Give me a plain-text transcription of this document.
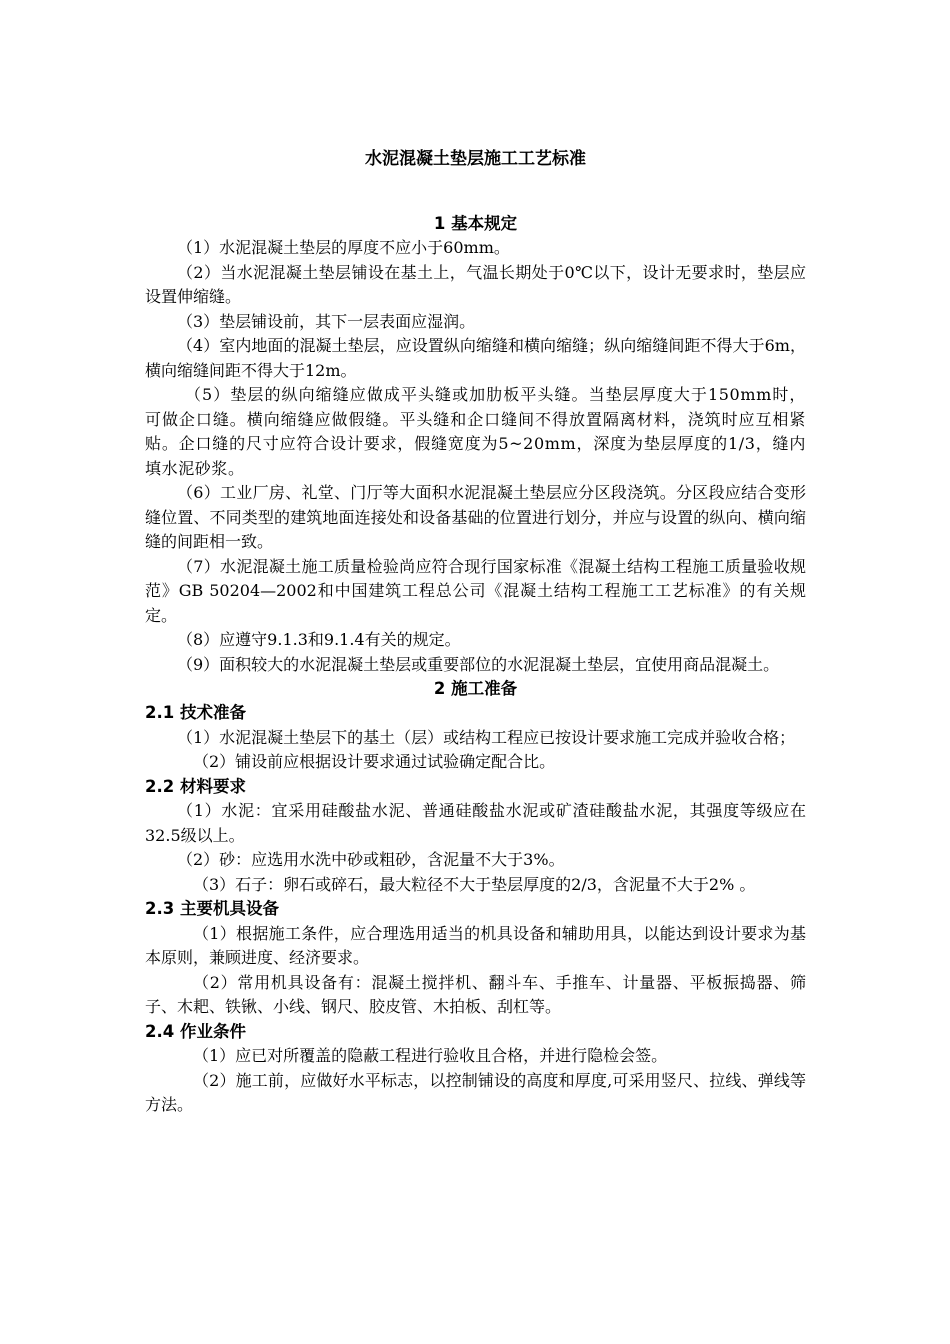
水泥混凝土垫层施工工艺标准

1 基本规定

（1）水泥混凝土垫层的厚度不应小于60mm。

（2）当水泥混凝土垫层铺设在基土上，气温长期处于0℃以下，设计无要求时，垫层应设置伸缩缝。

（3）垫层铺设前，其下一层表面应湿润。

（4）室内地面的混凝土垫层，应设置纵向缩缝和横向缩缝；纵向缩缝间距不得大于6m，横向缩缝间距不得大于12m。

（5）垫层的纵向缩缝应做成平头缝或加肋板平头缝。当垫层厚度大于150mm时，可做企口缝。横向缩缝应做假缝。平头缝和企口缝间不得放置隔离材料，浇筑时应互相紧贴。企口缝的尺寸应符合设计要求，假缝宽度为5~20mm，深度为垫层厚度的1/3，缝内填水泥砂浆。

（6）工业厂房、礼堂、门厅等大面积水泥混凝土垫层应分区段浇筑。分区段应结合变形缝位置、不同类型的建筑地面连接处和设备基础的位置进行划分，并应与设置的纵向、横向缩缝的间距相一致。

（7）水泥混凝土施工质量检验尚应符合现行国家标准《混凝土结构工程施工质量验收规范》GB 50204—2002和中国建筑工程总公司《混凝土结构工程施工工艺标准》的有关规定。

（8）应遵守9.1.3和9.1.4有关的规定。

（9）面积较大的水泥混凝土垫层或重要部位的水泥混凝土垫层，宜使用商品混凝土。

2 施工准备

2.1 技术准备

（1）水泥混凝土垫层下的基土（层）或结构工程应已按设计要求施工完成并验收合格；

（2）铺设前应根据设计要求通过试验确定配合比。

2.2 材料要求

（1）水泥：宜采用硅酸盐水泥、普通硅酸盐水泥或矿渣硅酸盐水泥，其强度等级应在32.5级以上。

（2）砂：应选用水洗中砂或粗砂，含泥量不大于3%。

（3）石子：卵石或碎石，最大粒径不大于垫层厚度的2/3，含泥量不大于2% 。

2.3 主要机具设备

（1）根据施工条件，应合理选用适当的机具设备和辅助用具，以能达到设计要求为基本原则，兼顾进度、经济要求。

（2）常用机具设备有：混凝土搅拌机、翻斗车、手推车、计量器、平板振捣器、筛子、木耙、铁锹、小线、钢尺、胶皮管、木拍板、刮杠等。

2.4 作业条件

（1）应已对所覆盖的隐蔽工程进行验收且合格，并进行隐检会签。

（2）施工前，应做好水平标志，以控制铺设的高度和厚度,可采用竖尺、拉线、弹线等方法。
